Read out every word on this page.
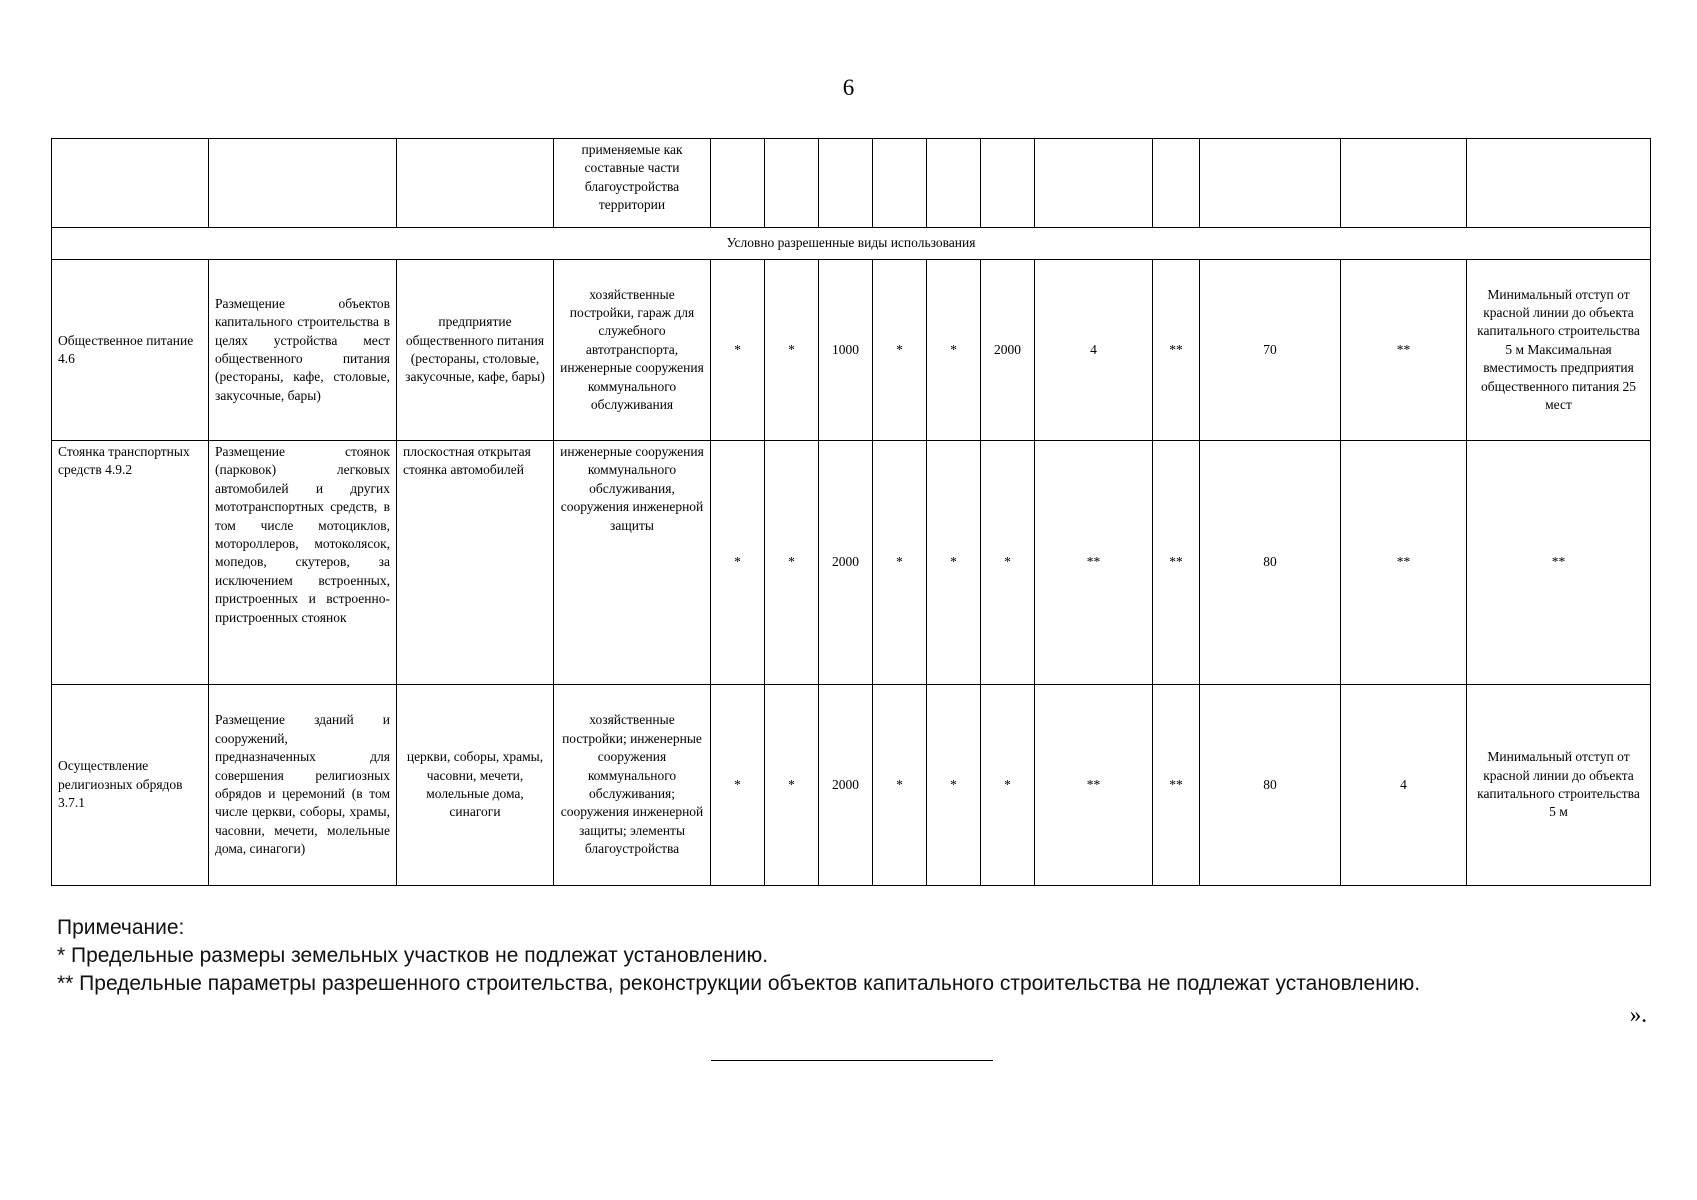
6
			применяемые как составные части благоустройства территории											
Условно разрешенные виды использования														
Общественное питание 4.6	Размещение объектов капитального строительства в целях устройства мест общественного питания (рестораны, кафе, столовые, закусочные, бары)	предприятие общественного питания (рестораны, столовые, закусочные, кафе, бары)	хозяйственные постройки, гараж для служебного автотранспорта, инженерные сооружения коммунального обслуживания	*	*	1000	*	*	2000	4	**	70	**	Минимальный отступ от красной линии до объекта капитального строительства 5 м Максимальная вместимость предприятия общественного питания 25 мест
Стоянка транспортных средств 4.9.2	Размещение стоянок (парковок) легковых автомобилей и других мототранспортных средств, в том числе мотоциклов, мотороллеров, мотоколясок, мопедов, скутеров, за исключением встроенных, пристроенных и встроенно- пристроенных стоянок	плоскостная открытая стоянка автомобилей	инженерные сооружения коммунального обслуживания, сооружения инженерной защиты	*	*	2000	*	*	*	**	**	80	**	**
Осуществление религиозных обрядов 3.7.1	Размещение зданий и сооружений, предназначенных для совершения религиозных обрядов и церемоний (в том числе церкви, соборы, храмы, часовни, мечети, молельные дома, синагоги)	церкви, соборы, храмы, часовни, мечети, молельные дома, синагоги	хозяйственные постройки; инженерные сооружения коммунального обслуживания; сооружения инженерной защиты; элементы благоустройства	*	*	2000	*	*	*	**	**	80	4	Минимальный отступ от красной линии до объекта капитального строительства 5 м
Примечание:
* Предельные размеры земельных участков не подлежат установлению.
** Предельные параметры разрешенного строительства, реконструкции объектов капитального строительства не подлежат установлению.
».
